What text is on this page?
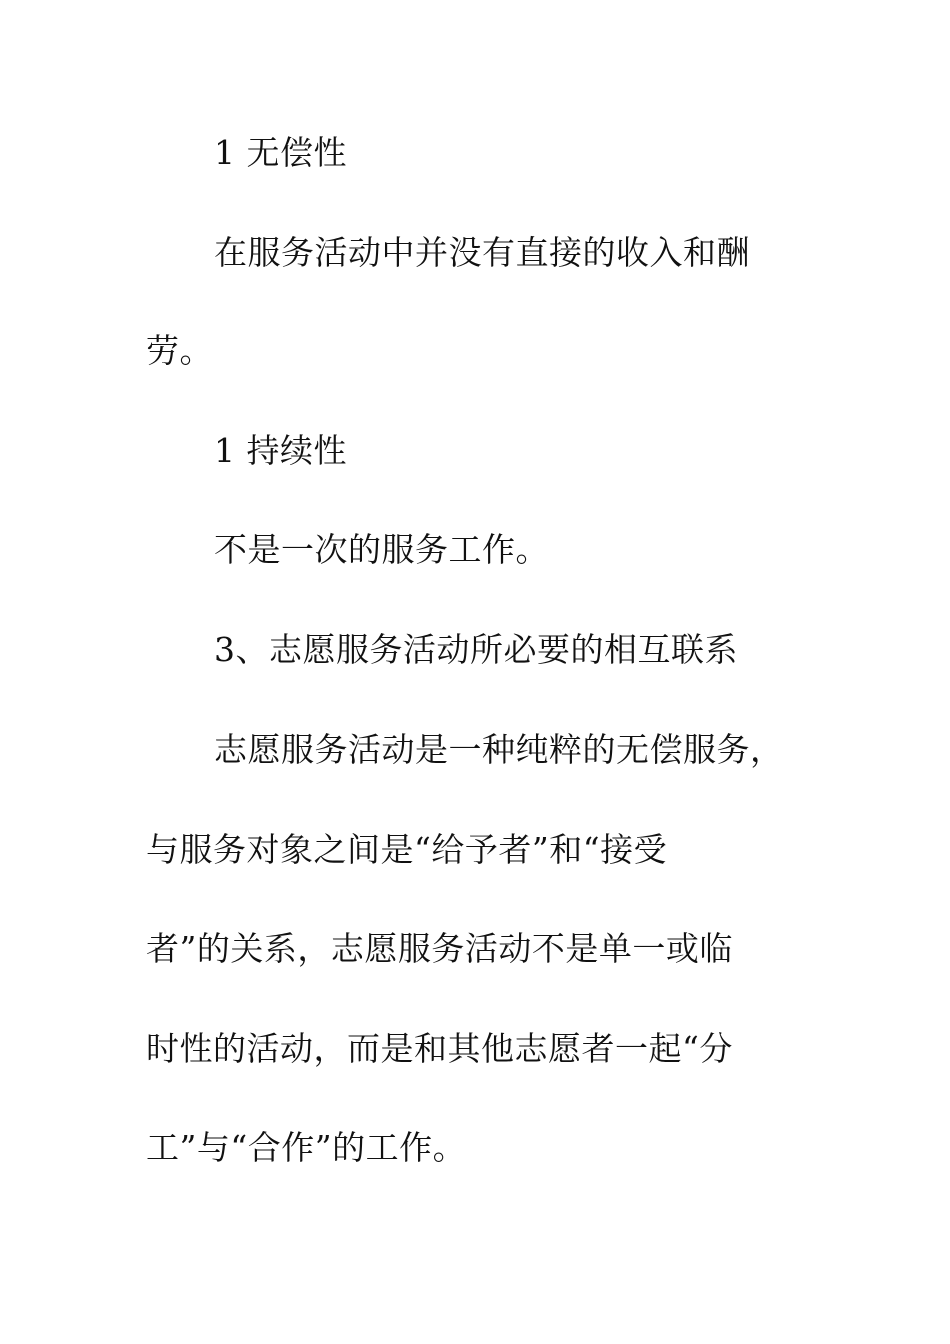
1 无偿性
在服务活动中并没有直接的收入和酬
劳。
1 持续性
不是一次的服务工作。
3、志愿服务活动所必要的相互联系
志愿服务活动是一种纯粹的无偿服务，
与服务对象之间是“给予者”和“接受
者”的关系，志愿服务活动不是单一或临
时性的活动，而是和其他志愿者一起“分
工”与“合作”的工作。
